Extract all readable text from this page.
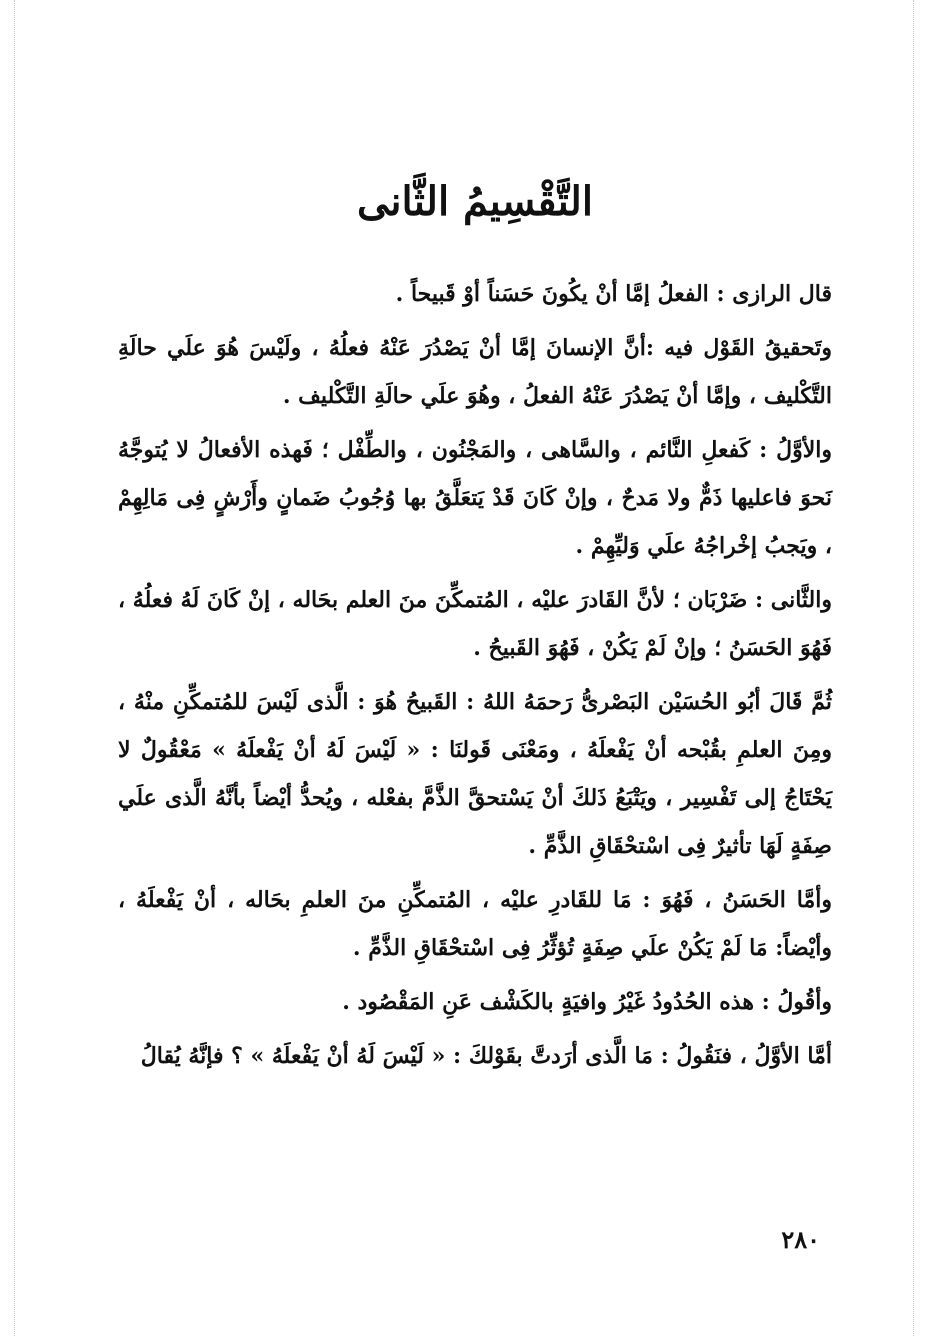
التَّقْسِيمُ الثَّانى

قال الرازى : الفعلُ إمَّا أنْ يكُونَ حَسَناً أوْ قَبيحاً .

وتَحقيقُ القَوْل فيه :أنَّ الإنسانَ إمَّا أنْ يَصْدُرَ عَنْهُ فعلُهُ ، ولَيْسَ هُوَ علَي حالَةِ التَّكْليف ، وإمَّا أنْ يَصْدُرَ عَنْهُ الفعلُ ، وهُوَ علَي حالَةِ التَّكْليف .

والأوَّلُ : كَفعلِ النَّائم ، والسَّاهى ، والمَجْنُون ، والطِّفْل ؛ فَهذه الأفعالُ لا يُتوجَّهُ نَحوَ فاعليها ذَمٌّ ولا مَدحٌ ، وإنْ كَانَ قَدْ يَتعَلَّقُ بها وُجُوبُ ضَمانٍ وأَرْشٍ فِى مَالِهِمْ ، ويَجبُ إخْراجُهُ علَي وَليِّهِمْ .

والثَّانى : ضَرْبَان ؛ لأنَّ القَادرَ عليْه ، المُتمكِّنَ منَ العلم بحَاله ، إنْ كَانَ لَهُ فعلُهُ ، فَهُوَ الحَسَنُ ؛ وإنْ لَمْ يَكُنْ ، فَهُوَ القَبيحُ .

ثُمَّ قَالَ أبُو الحُسَيْن البَصْرىُّ رَحمَهُ اللهُ : القَبيحُ هُوَ : الَّذى لَيْسَ للمُتمكِّنِ منْهُ ، ومِنَ العلمِ بقُبْحه أنْ يَفْعلَهُ ، ومَعْنَى قَولنَا : « لَيْسَ لَهُ أنْ يَفْعلَهُ » مَعْقُولٌ لا يَحْتَاجُ إلى تَفْسِير ، ويَتْبَعُ ذَلكَ أنْ يَسْتحقَّ الذَّمَّ بفعْله ، ويُحدُّ أيْضاً بأنَّهُ الَّذى علَي صِفَةٍ لَهَا تأثيرٌ فِى اسْتحْقَاقِ الذَّمِّ .

وأمَّا الحَسَنُ ، فَهُوَ : مَا للقَادرِ عليْه ، المُتمكِّنِ منَ العلمِ بحَاله ، أنْ يَفْعلَهُ ، وأيْضاً: مَا لَمْ يَكُنْ علَي صِفَةٍ تُؤثِّرُ فِى اسْتحْقَاقِ الذَّمِّ .

وأقُولُ : هذه الحُدُودُ غَيْرُ وافيَةٍ بالكَشْف عَنِ المَقْصُود .

أمَّا الأوَّلُ ، فنَقُولُ : مَا الَّذى أرَدتَّ بقَوْلكَ : « لَيْسَ لَهُ أنْ يَفْعلَهُ » ؟ فإنَّهُ يُقالُ

٢٨٠
